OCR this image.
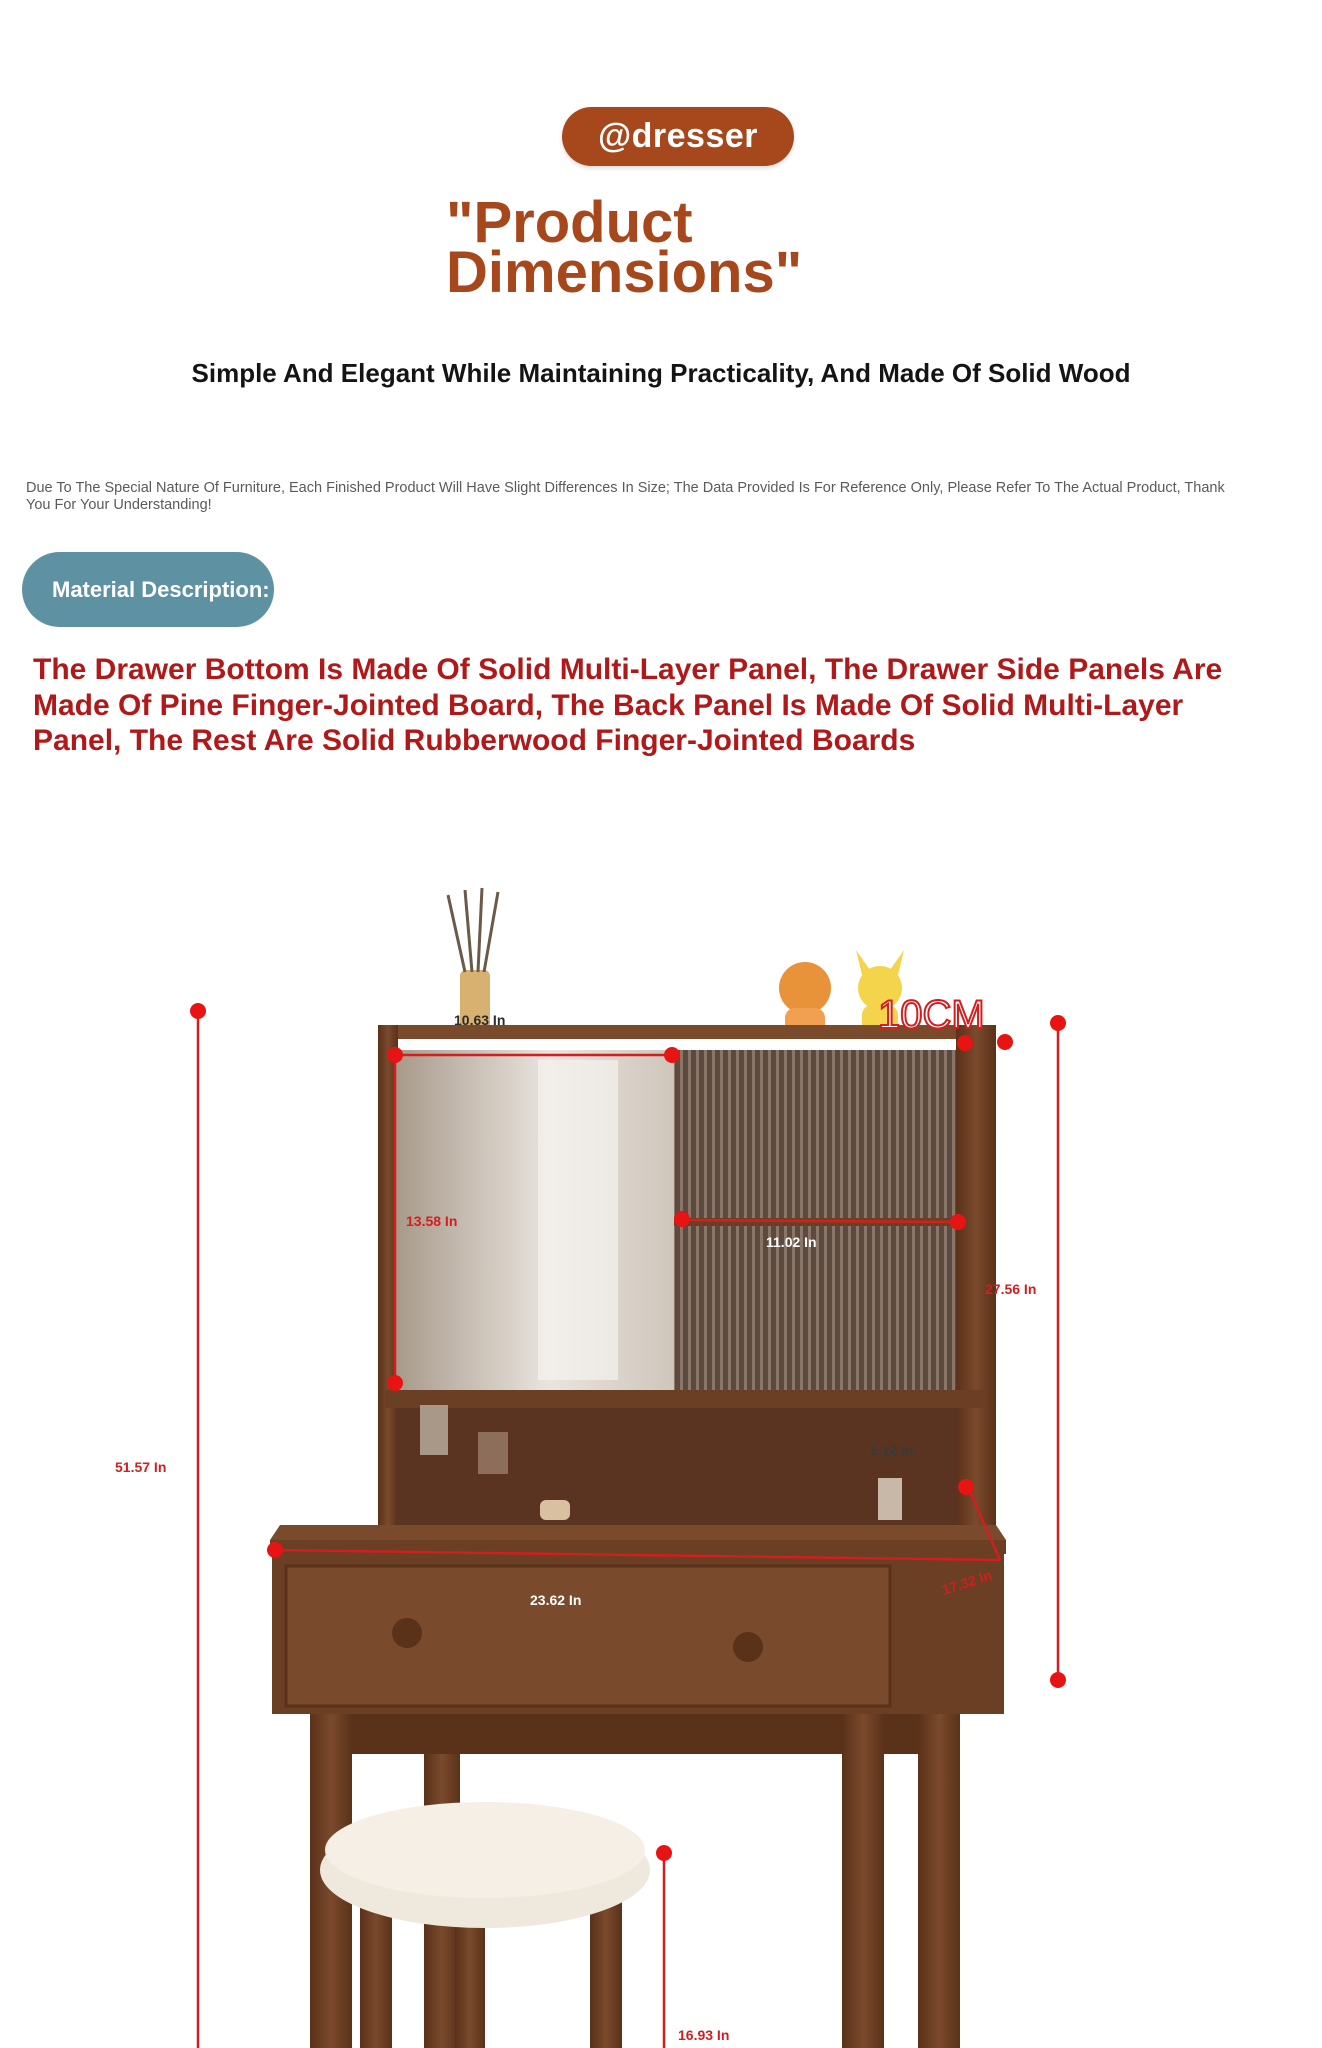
@dresser
"Product Dimensions"
Simple And Elegant While Maintaining Practicality, And Made Of Solid Wood
Due To The Special Nature Of Furniture, Each Finished Product Will Have Slight Differences In Size; The Data Provided Is For Reference Only, Please Refer To The Actual Product, Thank You For Your Understanding!
Material Description:
The Drawer Bottom Is Made Of Solid Multi-Layer Panel, The Drawer Side Panels Are Made Of Pine Finger-Jointed Board, The Back Panel Is Made Of Solid Multi-Layer Panel, The Rest Are Solid Rubberwood Finger-Jointed Boards
10.63 In
13.58 In
11.02 In
27.56 In
5.12 In
51.57 In
23.62 In
17.32 In
16.93 In
10CM
